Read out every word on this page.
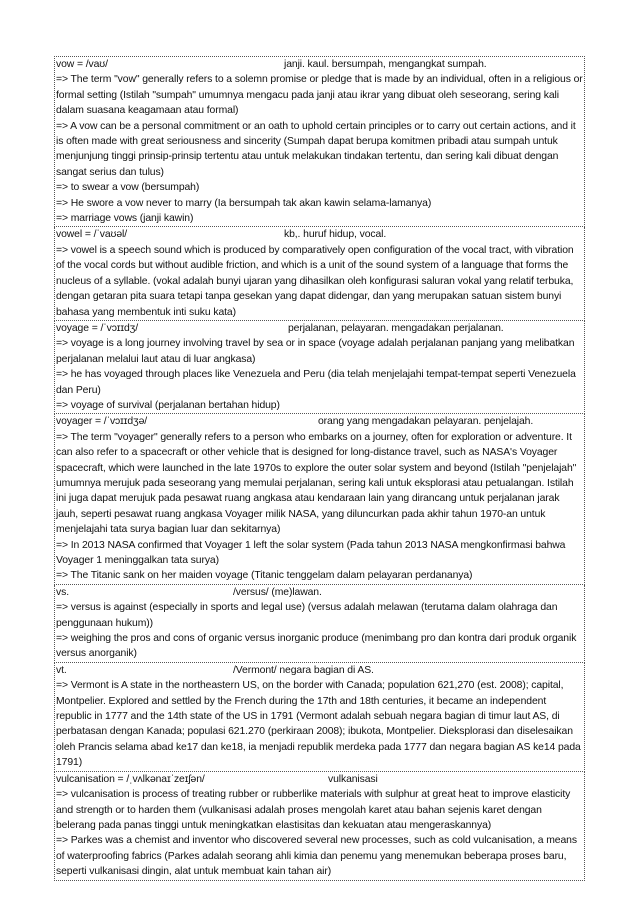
vow = /vaʊ/	janji. kaul. bersumpah, mengangkat sumpah.

=> The term "vow" generally refers to a solemn promise or pledge that is made by an individual, often in a religious or formal setting (Istilah "sumpah" umumnya mengacu pada janji atau ikrar yang dibuat oleh seseorang, sering kali dalam suasana keagamaan atau formal)

=> A vow can be a personal commitment or an oath to uphold certain principles or to carry out certain actions, and it is often made with great seriousness and sincerity (Sumpah dapat berupa komitmen pribadi atau sumpah untuk menjunjung tinggi prinsip-prinsip tertentu atau untuk melakukan tindakan tertentu, dan sering kali dibuat dengan sangat serius dan tulus)

=> to swear a vow (bersumpah)

=> He swore a vow never to marry (Ia bersumpah tak akan kawin selama-lamanya)

=> marriage vows (janji kawin)

vowel = /ˈvaʊəl/	kb,. huruf hidup, vocal.

=> vowel is a speech sound which is produced by comparatively open configuration of the vocal tract, with vibration of the vocal cords but without audible friction, and which is a unit of the sound system of a language that forms the nucleus of a syllable. (vokal adalah bunyi ujaran yang dihasilkan oleh konfigurasi saluran vokal yang relatif terbuka, dengan getaran pita suara tetapi tanpa gesekan yang dapat didengar, dan yang merupakan satuan sistem bunyi bahasa yang membentuk inti suku kata)

voyage = /ˈvɔɪɪdʒ/	perjalanan, pelayaran. mengadakan perjalanan.

=> voyage is a long journey involving travel by sea or in space (voyage adalah perjalanan panjang yang melibatkan perjalanan melalui laut atau di luar angkasa)

=> he has voyaged through places like Venezuela and Peru (dia telah menjelajahi tempat-tempat seperti Venezuela dan Peru)

=> voyage of survival (perjalanan bertahan hidup)

voyager = /ˈvɔɪɪdʒə/	orang yang mengadakan pelayaran. penjelajah.

=> The term "voyager" generally refers to a person who embarks on a journey, often for exploration or adventure. It can also refer to a spacecraft or other vehicle that is designed for long-distance travel, such as NASA's Voyager spacecraft, which were launched in the late 1970s to explore the outer solar system and beyond (Istilah "penjelajah" umumnya merujuk pada seseorang yang memulai perjalanan, sering kali untuk eksplorasi atau petualangan. Istilah ini juga dapat merujuk pada pesawat ruang angkasa atau kendaraan lain yang dirancang untuk perjalanan jarak jauh, seperti pesawat ruang angkasa Voyager milik NASA, yang diluncurkan pada akhir tahun 1970-an untuk menjelajahi tata surya bagian luar dan sekitarnya)

=> In 2013 NASA confirmed that Voyager 1 left the solar system (Pada tahun 2013 NASA mengkonfirmasi bahwa Voyager 1 meninggalkan tata surya)

=> The Titanic sank on her maiden voyage (Titanic tenggelam dalam pelayaran perdananya)

vs.	/versus/ (me)lawan.

=> versus is against (especially in sports and legal use) (versus adalah melawan (terutama dalam olahraga dan penggunaan hukum))

=> weighing the pros and cons of organic versus inorganic produce (menimbang pro dan kontra dari produk organik versus anorganik)

vt.	/Vermont/ negara bagian di AS.

=> Vermont is A state in the northeastern US, on the border with Canada; population 621,270 (est. 2008); capital, Montpelier. Explored and settled by the French during the 17th and 18th centuries, it became an independent republic in 1777 and the 14th state of the US in 1791 (Vermont adalah sebuah negara bagian di timur laut AS, di perbatasan dengan Kanada; populasi 621.270 (perkiraan 2008); ibukota, Montpelier. Dieksplorasi dan diselesaikan oleh Prancis selama abad ke17 dan ke18, ia menjadi republik merdeka pada 1777 dan negara bagian AS ke14 pada 1791)

vulcanisation = /ˌvʌlkənaɪˈzeɪʃən/	vulkanisasi

=> vulcanisation is process of treating rubber or rubberlike materials with sulphur at great heat to improve elasticity and strength or to harden them (vulkanisasi adalah proses mengolah karet atau bahan sejenis karet dengan belerang pada panas tinggi untuk meningkatkan elastisitas dan kekuatan atau mengeraskannya)

=> Parkes was a chemist and inventor who discovered several new processes, such as cold vulcanisation, a means of waterproofing fabrics (Parkes adalah seorang ahli kimia dan penemu yang menemukan beberapa proses baru, seperti vulkanisasi dingin, alat untuk membuat kain tahan air)
